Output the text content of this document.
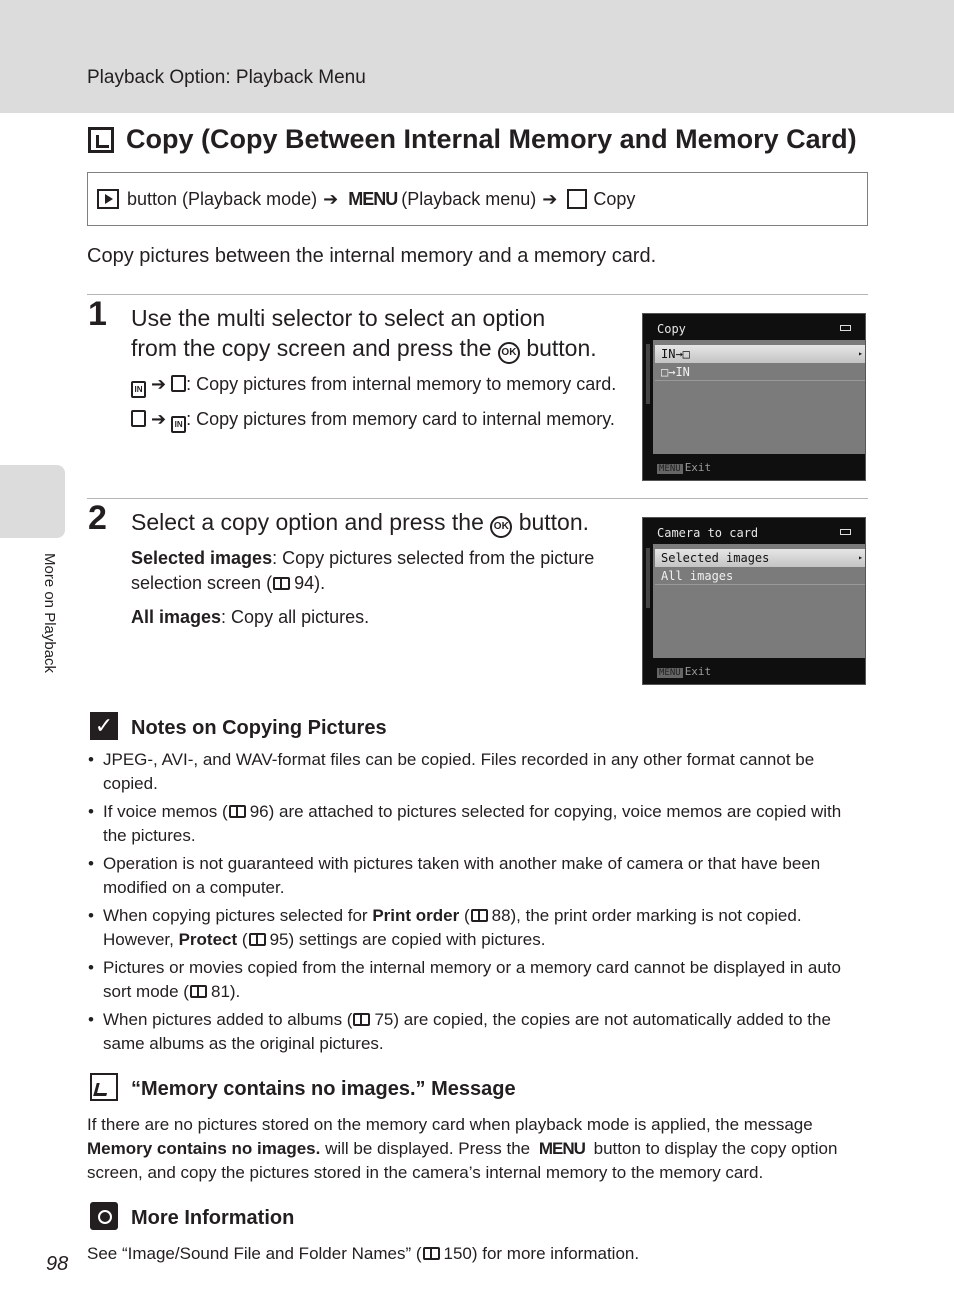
Playback Option: Playback Menu
More on Playback
Copy (Copy Between Internal Memory and Memory Card)
button (Playback mode) ➔ MENU (Playback menu) ➔ Copy
Copy pictures between the internal memory and a memory card.
1 Use the multi selector to select an option
from the copy screen and press the OK button.

IN ➔ : Copy pictures from internal memory to memory card.

➔ IN : Copy pictures from memory card to internal memory.

Copy
IN→□ ▸
□→IN
MENU Exit
2 Select a copy option and press the OK button.

Selected images: Copy pictures selected from the picture selection screen ( 94).

All images: Copy all pictures.

Camera to card
Selected images ▸
All images
MENU Exit
✓ Notes on Copying Pictures
• JPEG-, AVI-, and WAV-format files can be copied. Files recorded in any other format cannot be copied.
• If voice memos ( 96) are attached to pictures selected for copying, voice memos are copied with the pictures.
• Operation is not guaranteed with pictures taken with another make of camera or that have been modified on a computer.
• When copying pictures selected for Print order ( 88), the print order marking is not copied. However, Protect ( 95) settings are copied with pictures.
• Pictures or movies copied from the internal memory or a memory card cannot be displayed in auto sort mode ( 81).
• When pictures added to albums ( 75) are copied, the copies are not automatically added to the same albums as the original pictures.
“Memory contains no images.” Message
If there are no pictures stored on the memory card when playback mode is applied, the message Memory contains no images. will be displayed. Press the MENU button to display the copy option screen, and copy the pictures stored in the camera’s internal memory to the memory card.
More Information
See “Image/Sound File and Folder Names” ( 150) for more information.
98
